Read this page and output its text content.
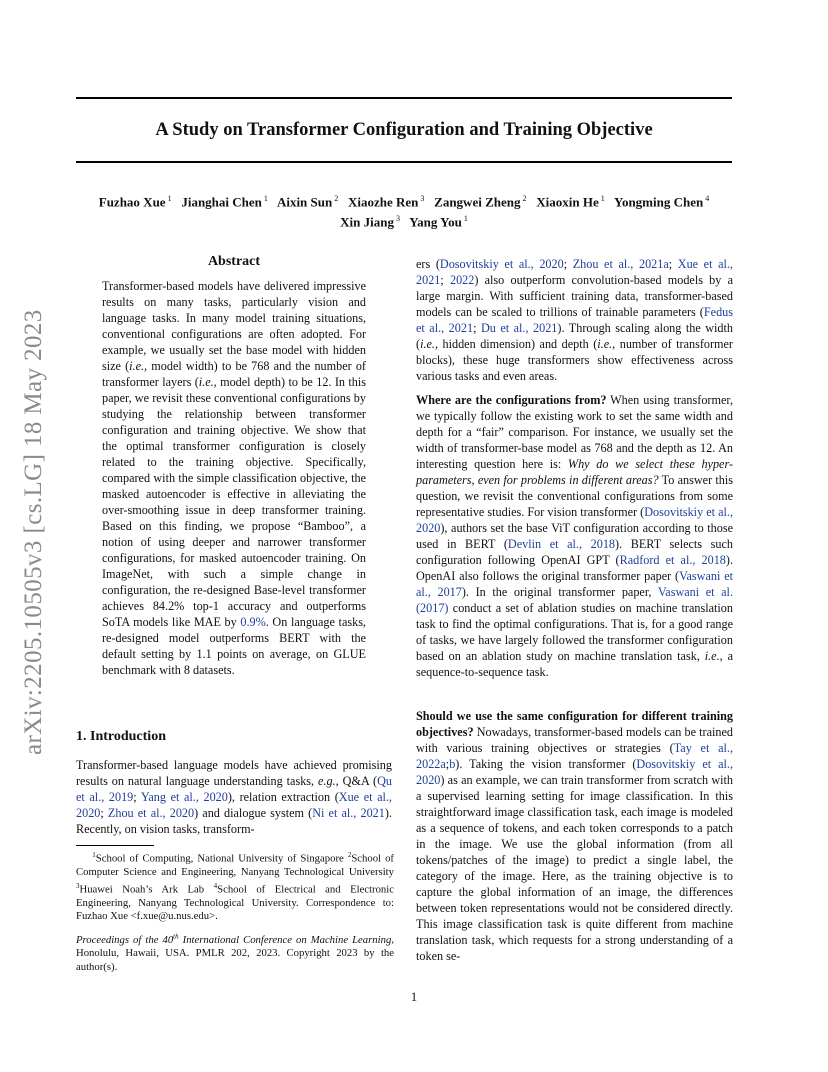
A Study on Transformer Configuration and Training Objective
Fuzhao Xue $^1$ Jianghai Chen $^1$ Aixin Sun $^2$ Xiaozhe Ren $^3$ Zangwei Zheng $^2$ Xiaoxin He $^1$ Yongming Chen $^4$
Xin Jiang $^3$ Yang You $^1$
arXiv:2205.10505v3 [cs.LG] 18 May 2023
Abstract
Transformer-based models have delivered impressive results on many tasks, particularly vision and language tasks. In many model training situations, conventional configurations are often adopted. For example, we usually set the base model with hidden size (i.e., model width) to be 768 and the number of transformer layers (i.e., model depth) to be 12. In this paper, we revisit these conventional configurations by studying the relationship between transformer configuration and training objective. We show that the optimal transformer configuration is closely related to the training objective. Specifically, compared with the simple classification objective, the masked autoencoder is effective in alleviating the over-smoothing issue in deep transformer training. Based on this finding, we propose “Bamboo”, a notion of using deeper and narrower transformer configurations, for masked autoencoder training. On ImageNet, with such a simple change in configuration, the re-designed Base-level transformer achieves 84.2% top-1 accuracy and outperforms SoTA models like MAE by 0.9%. On language tasks, re-designed model outperforms BERT with the default setting by 1.1 points on average, on GLUE benchmark with 8 datasets.
1. Introduction
Transformer-based language models have achieved promising results on natural language understanding tasks, e.g., Q&A (Qu et al., 2019; Yang et al., 2020), relation extraction (Xue et al., 2020; Zhou et al., 2020) and dialogue system (Ni et al., 2021). Recently, on vision tasks, transform-
$^1$School of Computing, National University of Singapore $^2$School of Computer Science and Engineering, Nanyang Technological University $^3$Huawei Noah’s Ark Lab $^4$School of Electrical and Electronic Engineering, Nanyang Technological University. Correspondence to: Fuzhao Xue <f.xue@u.nus.edu>.
Proceedings of the 40th International Conference on Machine Learning, Honolulu, Hawaii, USA. PMLR 202, 2023. Copyright 2023 by the author(s).
ers (Dosovitskiy et al., 2020; Zhou et al., 2021a; Xue et al., 2021; 2022) also outperform convolution-based models by a large margin. With sufficient training data, transformer-based models can be scaled to trillions of trainable parameters (Fedus et al., 2021; Du et al., 2021). Through scaling along the width (i.e., hidden dimension) and depth (i.e., number of transformer blocks), these huge transformers show effectiveness across various tasks and even areas.
Where are the configurations from? When using transformer, we typically follow the existing work to set the same width and depth for a “fair” comparison. For instance, we usually set the width of transformer-base model as 768 and the depth as 12. An interesting question here is: Why do we select these hyper-parameters, even for problems in different areas? To answer this question, we revisit the conventional configurations from some representative studies. For vision transformer (Dosovitskiy et al., 2020), authors set the base ViT configuration according to those used in BERT (Devlin et al., 2018). BERT selects such configuration following OpenAI GPT (Radford et al., 2018). OpenAI also follows the original transformer paper (Vaswani et al., 2017). In the original transformer paper, Vaswani et al. (2017) conduct a set of ablation studies on machine translation task to find the optimal configurations. That is, for a good range of tasks, we have largely followed the transformer configuration based on an ablation study on machine translation task, i.e., a sequence-to-sequence task.
Should we use the same configuration for different training objectives? Nowadays, transformer-based models can be trained with various training objectives or strategies (Tay et al., 2022a;b). Taking the vision transformer (Dosovitskiy et al., 2020) as an example, we can train transformer from scratch with a supervised learning setting for image classification. In this straightforward image classification task, each image is modeled as a sequence of tokens, and each token corresponds to a patch in the image. We use the global information (from all tokens/patches of the image) to predict a single label, the category of the image. Here, as the training objective is to capture the global information of an image, the differences between token representations would not be considered directly. This image classification task is quite different from machine translation task, which requests for a strong understanding of a token se-
1
